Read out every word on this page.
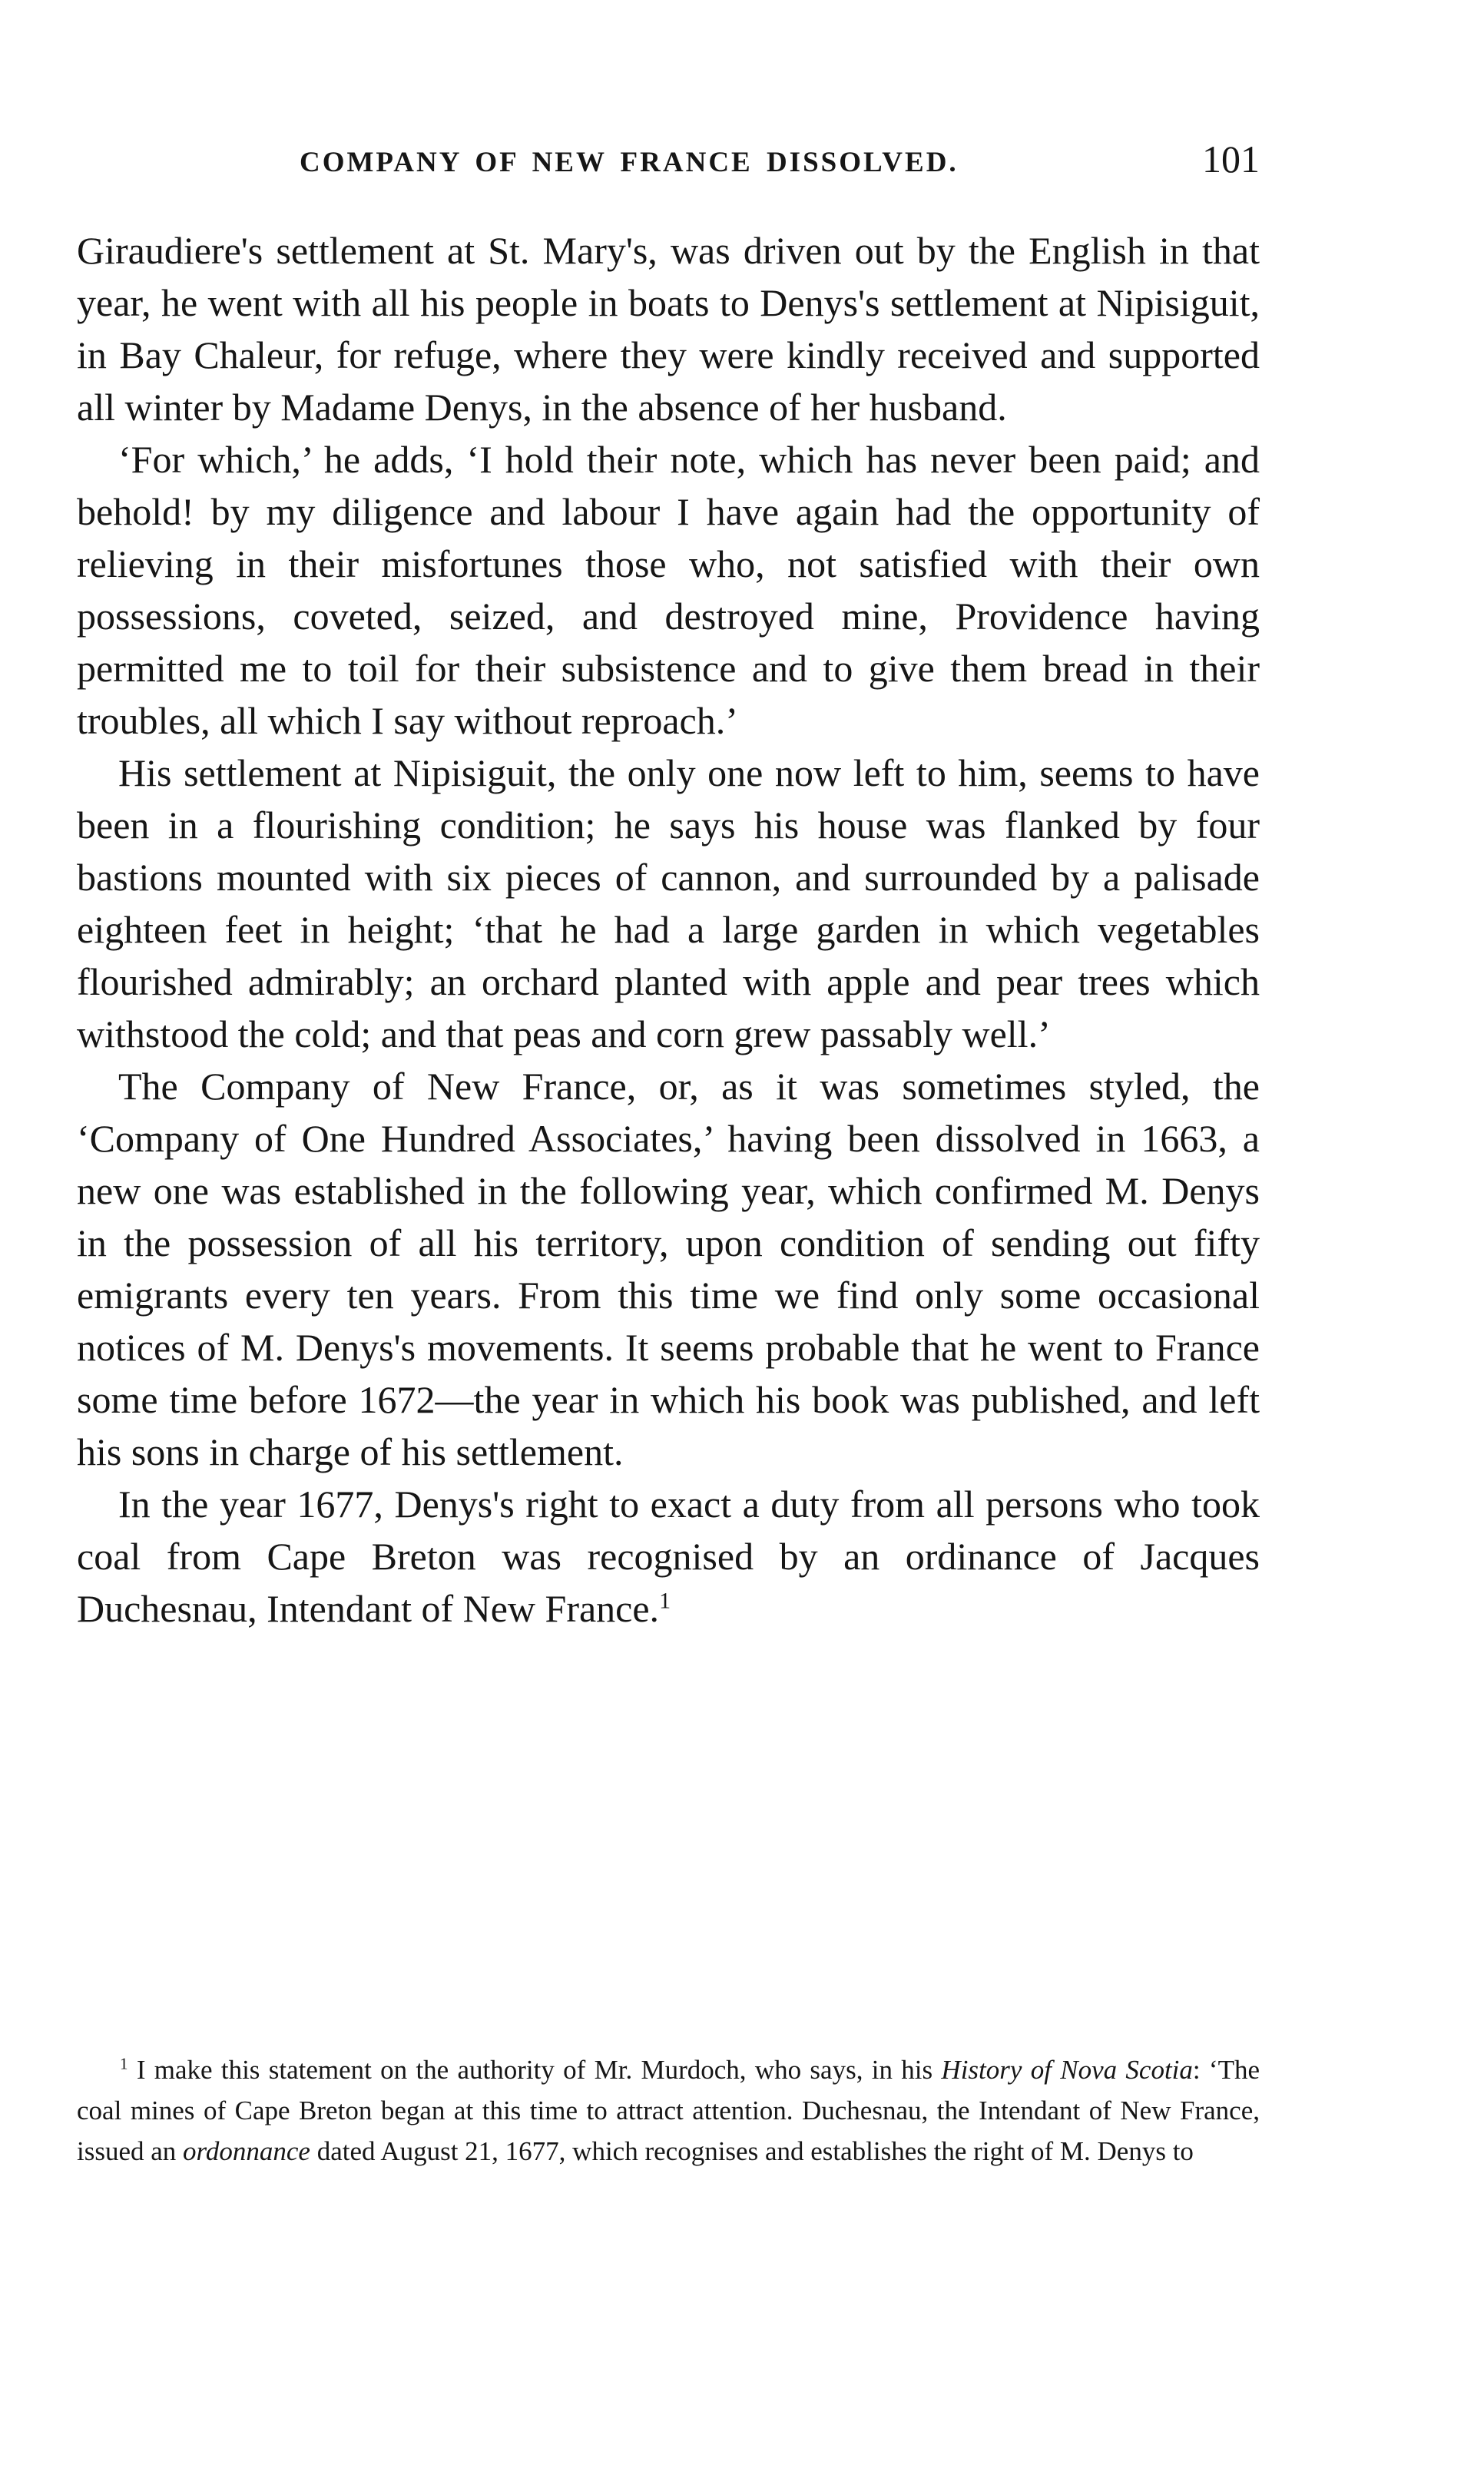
COMPANY OF NEW FRANCE DISSOLVED.	101

Giraudiere's settlement at St. Mary's, was driven out by the English in that year, he went with all his people in boats to Denys's settlement at Nipisiguit, in Bay Chaleur, for refuge, where they were kindly received and supported all winter by Madame Denys, in the absence of her husband.

‘For which,’ he adds, ‘I hold their note, which has never been paid; and behold! by my diligence and labour I have again had the opportunity of relieving in their misfortunes those who, not satisfied with their own possessions, coveted, seized, and destroyed mine, Providence having permitted me to toil for their subsistence and to give them bread in their troubles, all which I say without reproach.’

His settlement at Nipisiguit, the only one now left to him, seems to have been in a flourishing condition; he says his house was flanked by four bastions mounted with six pieces of cannon, and surrounded by a palisade eighteen feet in height; ‘that he had a large garden in which vegetables flourished admirably; an orchard planted with apple and pear trees which withstood the cold; and that peas and corn grew passably well.’

The Company of New France, or, as it was sometimes styled, the ‘Company of One Hundred Associates,’ having been dissolved in 1663, a new one was established in the following year, which confirmed M. Denys in the possession of all his territory, upon condition of sending out fifty emigrants every ten years. From this time we find only some occasional notices of M. Denys's movements. It seems probable that he went to France some time before 1672—the year in which his book was published, and left his sons in charge of his settlement.

In the year 1677, Denys's right to exact a duty from all persons who took coal from Cape Breton was recognised by an ordinance of Jacques Duchesnau, Intendant of New France.$^1$

$^1$ I make this statement on the authority of Mr. Murdoch, who says, in his History of Nova Scotia: ‘The coal mines of Cape Breton began at this time to attract attention. Duchesnau, the Intendant of New France, issued an ordonnance dated August 21, 1677, which recognises and establishes the right of M. Denys to
